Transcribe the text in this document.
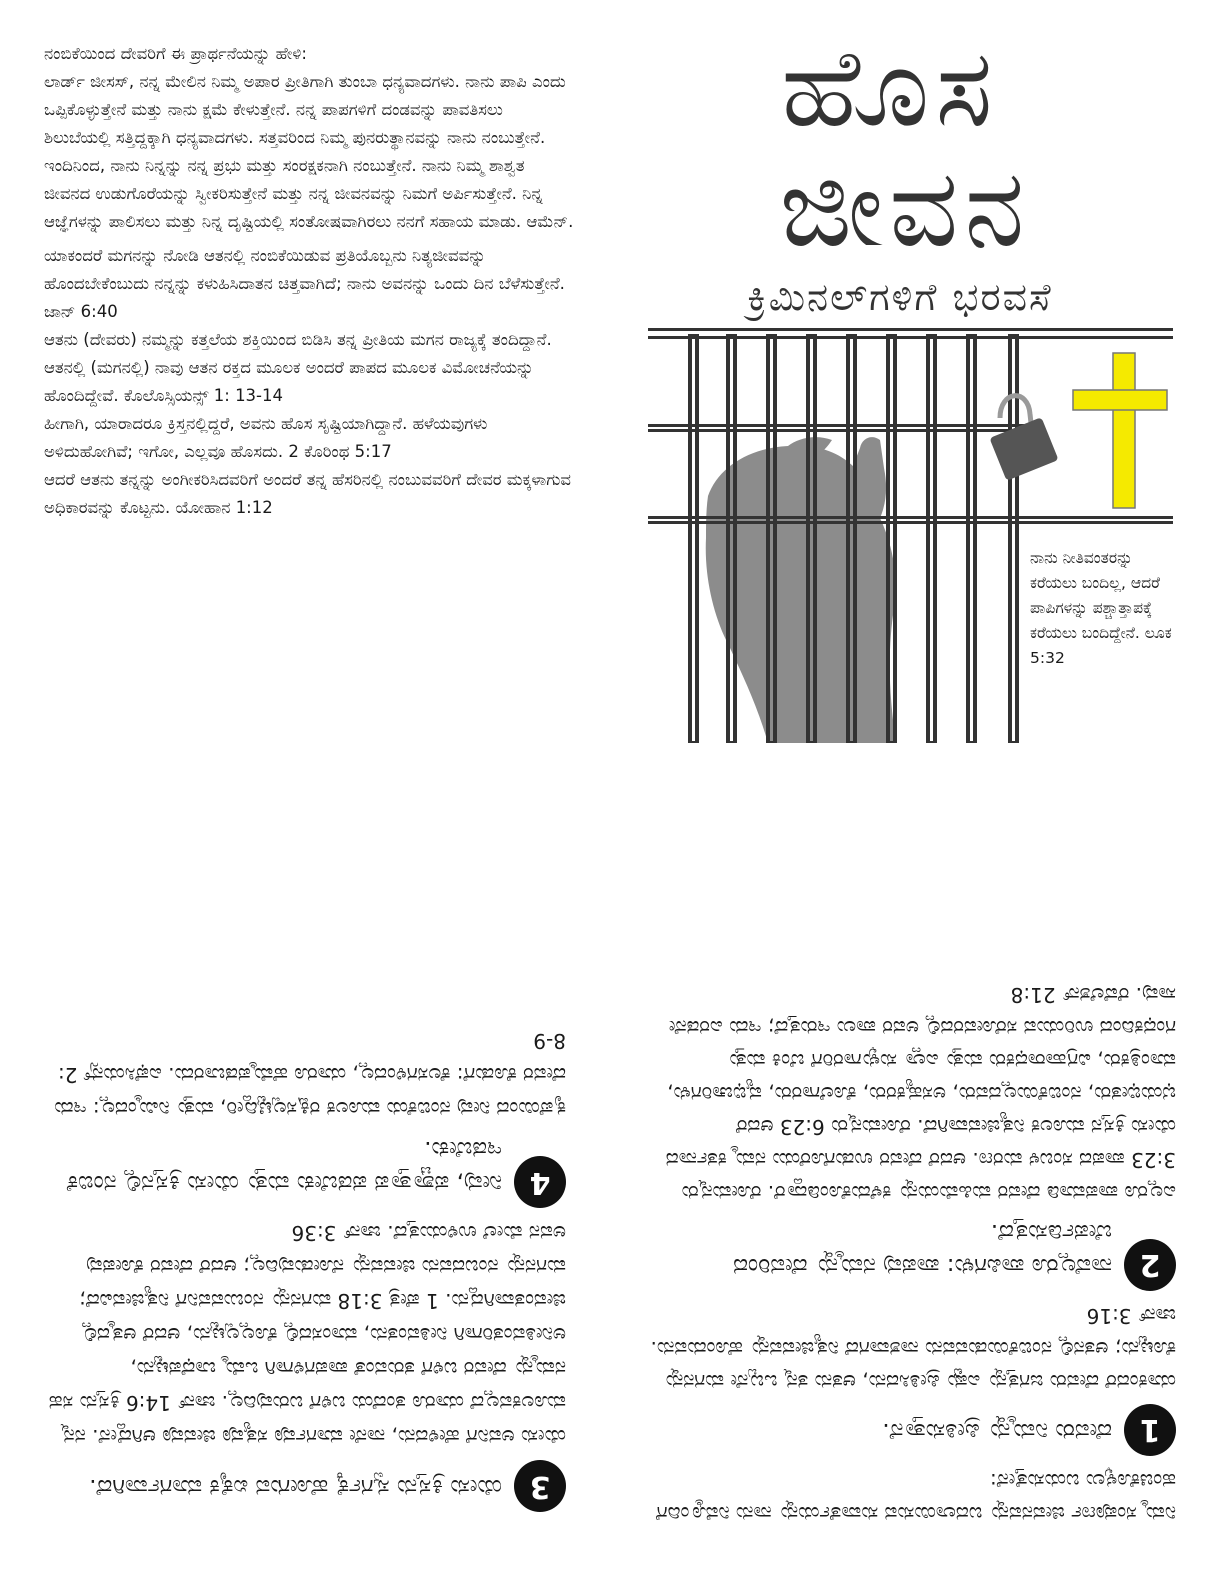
ನಂಬಿಕೆಯಿಂದ ದೇವರಿಗೆ ಈ ಪ್ರಾರ್ಥನೆಯನ್ನು ಹೇಳಿ:
ಲಾರ್ಡ್ ಜೀಸಸ್, ನನ್ನ ಮೇಲಿನ ನಿಮ್ಮ ಅಪಾರ ಪ್ರೀತಿಗಾಗಿ ತುಂಬಾ ಧನ್ಯವಾದಗಳು. ನಾನು ಪಾಪಿ ಎಂದು ಒಪ್ಪಿಕೊಳ್ಳುತ್ತೇನೆ ಮತ್ತು ನಾನು ಕ್ಷಮೆ ಕೇಳುತ್ತೇನೆ. ನನ್ನ ಪಾಪಗಳಿಗೆ ದಂಡವನ್ನು ಪಾವತಿಸಲು ಶಿಲುಬೆಯಲ್ಲಿ ಸತ್ತಿದ್ದಕ್ಕಾಗಿ ಧನ್ಯವಾದಗಳು. ಸತ್ತವರಿಂದ ನಿಮ್ಮ ಪುನರುತ್ಥಾನವನ್ನು ನಾನು ನಂಬುತ್ತೇನೆ. ಇಂದಿನಿಂದ, ನಾನು ನಿನ್ನನ್ನು ನನ್ನ ಪ್ರಭು ಮತ್ತು ಸಂರಕ್ಷಕನಾಗಿ ನಂಬುತ್ತೇನೆ. ನಾನು ನಿಮ್ಮ ಶಾಶ್ವತ ಜೀವನದ ಉಡುಗೊರೆಯನ್ನು ಸ್ವೀಕರಿಸುತ್ತೇನೆ ಮತ್ತು ನನ್ನ ಜೀವನವನ್ನು ನಿಮಗೆ ಅರ್ಪಿಸುತ್ತೇನೆ. ನಿನ್ನ ಆಜ್ಞೆಗಳನ್ನು ಪಾಲಿಸಲು ಮತ್ತು ನಿನ್ನ ದೃಷ್ಟಿಯಲ್ಲಿ ಸಂತೋಷವಾಗಿರಲು ನನಗೆ ಸಹಾಯ ಮಾಡು. ಆಮೆನ್.

ಯಾಕಂದರೆ ಮಗನನ್ನು ನೋಡಿ ಆತನಲ್ಲಿ ನಂಬಿಕೆಯಿಡುವ ಪ್ರತಿಯೊಬ್ಬನು ನಿತ್ಯಜೀವವನ್ನು ಹೊಂದಬೇಕೆಂಬುದು ನನ್ನನ್ನು ಕಳುಹಿಸಿದಾತನ ಚಿತ್ತವಾಗಿದೆ; ನಾನು ಅವನನ್ನು ಒಂದು ದಿನ ಬೆಳೆಸುತ್ತೇನೆ. ಜಾನ್ 6:40

ಆತನು (ದೇವರು) ನಮ್ಮನ್ನು ಕತ್ತಲೆಯ ಶಕ್ತಿಯಿಂದ ಬಿಡಿಸಿ ತನ್ನ ಪ್ರೀತಿಯ ಮಗನ ರಾಜ್ಯಕ್ಕೆ ತಂದಿದ್ದಾನೆ. ಆತನಲ್ಲಿ (ಮಗನಲ್ಲಿ) ನಾವು ಆತನ ರಕ್ತದ ಮೂಲಕ ಅಂದರೆ ಪಾಪದ ಮೂಲಕ ವಿಮೋಚನೆಯನ್ನು ಹೊಂದಿದ್ದೇವೆ. ಕೊಲೊಸ್ಸಿಯನ್ಸ್ 1: 13-14

ಹೀಗಾಗಿ, ಯಾರಾದರೂ ಕ್ರಿಸ್ತನಲ್ಲಿದ್ದರೆ, ಅವನು ಹೊಸ ಸೃಷ್ಟಿಯಾಗಿದ್ದಾನೆ. ಹಳೆಯವುಗಳು ಅಳಿದುಹೋಗಿವೆ; ಇಗೋ, ಎಲ್ಲವೂ ಹೊಸದು. 2 ಕೊರಿಂಥ 5:17

ಆದರೆ ಆತನು ತನ್ನನ್ನು ಅಂಗೀಕರಿಸಿದವರಿಗೆ ಅಂದರೆ ತನ್ನ ಹೆಸರಿನಲ್ಲಿ ನಂಬುವವರಿಗೆ ದೇವರ ಮಕ್ಕಳಾಗುವ ಅಧಿಕಾರವನ್ನು ಕೊಟ್ಟನು. ಯೋಹಾನ 1:12

ಹೊಸ
ಜೀವನ
ಕ್ರಿಮಿನಲ್‌ಗಳಿಗೆ ಭರವಸೆ
ನಾನು ನೀತಿವಂತರನ್ನು ಕರೆಯಲು ಬಂದಿಲ್ಲ, ಆದರೆ ಪಾಪಿಗಳನ್ನು ಪಶ್ಚಾತ್ತಾಪಕ್ಕೆ ಕರೆಯಲು ಬಂದಿದ್ದೇನೆ. ಲೂಕ 5:32

ನಿಮ್ಮ ಸಂಪೂರ್ಣ ಜೀವನವನ್ನು ಬದಲಾಯಿಸುವ ಸುವಾರ್ತೆಯನ್ನು ನಾನು ನಿಮ್ಮೊಂದಿಗೆ ಹಂಚಿಕೊಳ್ಳಲು ಬಯಸುತ್ತೇನೆ:

1
ದೇವರು ನಿಮ್ಮನ್ನು ಪ್ರೀತಿಸುತ್ತಾನೆ.

ಯಾಕಂದರೆ ದೇವರು ಜಗತ್ತನ್ನು ಎಷ್ಟು ಪ್ರೀತಿಸಿದನು, ಆತನು ತನ್ನ ಒಬ್ಬನೇ ಮಗನನ್ನು ಕೊಟ್ಟನು; ಆತನಲ್ಲಿ ನಂಬಿಕೆಯಿಡುವವನು ನಾಶವಾಗದೆ ನಿತ್ಯಜೀವವನ್ನು ಹೊಂದುವನು. ಜಾನ್ 3:16

2
ನಾವೆಲ್ಲರೂ ಪಾಪಿಗಳು: ಪಾಪವು ನಮ್ಮನ್ನು ದೇವರಿಂದ ಬೇರ್ಪಡಿಸುತ್ತದೆ.

ಎಲ್ಲರೂ ಪಾಪಮಾಡಿ ದೇವರ ಮಹಿಮೆಯನ್ನು ಕಳೆದುಕೊಂಡಿದ್ದಾರೆ. ರೋಮನ್ನರು 3:23 ಪಾಪದ ಸಂಬಳ ಮರಣ. ಆದರೆ ದೇವರ ಉಡುಗೊರೆಯು ನಮ್ಮ ಕರ್ತನಾದ ಯೇಸು ಕ್ರಿಸ್ತನ ಮೂಲಕ ನಿತ್ಯಜೀವವಾಗಿದೆ. ರೋಮನ್ನರು 6:23 ಆದರೆ ಭಯಭೀತರು, ನಂಬಿಕೆಯಿಲ್ಲದವರು, ಅಸಹ್ಯಕರರು, ಕೊಲೆಗಾರರು, ವ್ಯಭಿಚಾರಿಗಳು, ಮಾಂತ್ರಿಕರು, ವಿಗ್ರಹಾರಾಧಕರು ಮತ್ತು ಎಲ್ಲಾ ಸುಳ್ಳುಗಾರರಿಗೆ ಬೆಂಕಿ ಮತ್ತು ಗಂಧಕದಿಂದ ಉರಿಯುವ ಸರೋವರದಲ್ಲಿ ಅವರ ಪಾಲು ಇರುತ್ತದೆ; ಇದು ಎರಡನೇ ಸಾವು. ರೆವೆಲೆಶನ್ 21:8

3
ಯೇಸು ಕ್ರಿಸ್ತನು ಸ್ವರ್ಗಕ್ಕೆ ಹೋಗುವ ಏಕೈಕ ಮಾರ್ಗವಾಗಿದೆ.

ಯೇಸು ಅವನಿಗೆ ಹೇಳಿದನು, ನಾನೇ ಮಾರ್ಗವೂ ಸತ್ಯವೂ ಜೀವವೂ ಆಗಿದ್ದೇನೆ. ನನ್ನ ಮೂಲಕವಲ್ಲದೆ ಯಾರೂ ತಂದೆಯ ಬಳಿಗೆ ಬರುವುದಿಲ್ಲ. ಜಾನ್ 14:6 ಕ್ರಿಸ್ತನು ಸಹ ನಮ್ಮನ್ನು ದೇವರ ಬಳಿಗೆ ತರುವಂತೆ ಪಾಪಗಳಿಗಾಗಿ ಒಮ್ಮೆ ಬಾಧೆಪಟ್ಟನು, ಅನೀತಿವಂತರಿಗಾಗಿ ನೀತಿವಂತನು, ಮಾಂಸದಲ್ಲಿ ಕೊಲ್ಲಲ್ಪಟ್ಟನು, ಆದರೆ ಆತ್ಮದಲ್ಲಿ ಜೀವಂತವಾಗಿದ್ದನು. 1 ಪೇತ್ರ 3:18 ಮಗನನ್ನು ನಂಬುವವನಿಗೆ ನಿತ್ಯಜೀವವಿದೆ; ಮಗನನ್ನು ನಂಬದವನು ಜೀವವನ್ನು ನೋಡುವುದಿಲ್ಲ; ಆದರೆ ದೇವರ ಕೋಪವು ಅವನ ಮೇಲೆ ಉಳಿಯುತ್ತದೆ. ಜಾನ್ 3:36

4
ನೀವು, ಪಶ್ಚಾತ್ತಾಪ ಪಡಬೇಕು ಮತ್ತು ಯೇಸು ಕ್ರಿಸ್ತನಲ್ಲಿ ನಂಬಿಕೆ ಇಡಬೇಕು.

ಕೃಪೆಯಿಂದ ನೀವು ನಂಬಿಕೆಯ ಮೂಲಕ ರಕ್ಷಿಸಲ್ಪಟ್ಟಿದ್ದೀರಿ, ಮತ್ತು ನಿಮ್ಮಿಂದಲ್ಲ: ಇದು ದೇವರ ಕೊಡುಗೆ: ಕೆಲಸಗಳಿಂದಲ್ಲ, ಯಾರೂ ಹೆಮ್ಮೆಪಡಬಾರದು. ಎಫೆಸಿಯನ್ಸ್ 2: 8-9
